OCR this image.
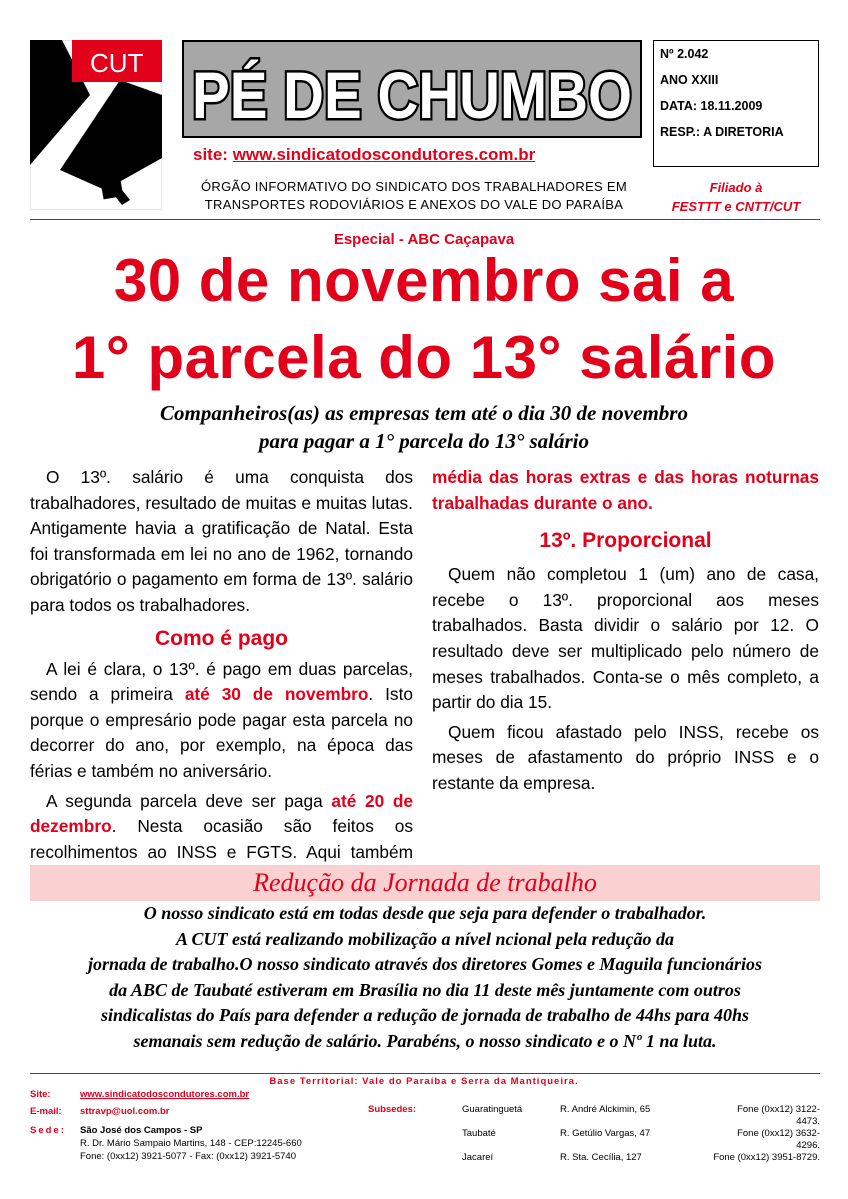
CUT PÉ DE CHUMBO
site: www.sindicatodoscondutores.com.br
ÓRGÃO INFORMATIVO DO SINDICATO DOS TRABALHADORES EM
TRANSPORTES RODOVIÁRIOS E ANEXOS DO VALE DO PARAÍBA
Nº 2.042
ANO XXIII
DATA: 18.11.2009
RESP.: A DIRETORIA
Filiado à
FESTTT e CNTT/CUT
Especial - ABC Caçapava
30 de novembro sai a
1° parcela do 13° salário
Companheiros(as) as empresas tem até o dia 30 de novembro
para pagar a 1° parcela do 13° salário

O 13º. salário é uma conquista dos trabalhadores, resultado de muitas e muitas lutas. Antigamente havia a gratificação de Natal. Esta foi transformada em lei no ano de 1962, tornando obrigatório o pagamento em forma de 13º. salário para todos os trabalhadores.

Como é pago

A lei é clara, o 13º. é pago em duas parcelas, sendo a primeira até 30 de novembro. Isto porque o empresário pode pagar esta parcela no decorrer do ano, por exemplo, na época das férias e também no aniversário.

A segunda parcela deve ser paga até 20 de dezembro. Nesta ocasião são feitos os recolhimentos ao INSS e FGTS. Aqui também

média das horas extras e das horas noturnas trabalhadas durante o ano.

13º. Proporcional

Quem não completou 1 (um) ano de casa, recebe o 13º. proporcional aos meses trabalhados. Basta dividir o salário por 12. O resultado deve ser multiplicado pelo número de meses trabalhados. Conta-se o mês completo, a partir do dia 15.

Quem ficou afastado pelo INSS, recebe os meses de afastamento do próprio INSS e o restante da empresa.

Redução da Jornada de trabalho
O nosso sindicato está em todas desde que seja para defender o trabalhador.
A CUT está realizando mobilização a nível ncional pela redução da
jornada de trabalho.O nosso sindicato através dos diretores Gomes e Maguila funcionários
da ABC de Taubaté estiveram em Brasília no dia 11 deste mês juntamente com outros
sindicalistas do País para defender a redução de jornada de trabalho de 44hs para 40hs
semanais sem redução de salário. Parabéns, o nosso sindicato e o Nº 1 na luta.
Base Territorial: Vale do Paraíba e Serra da Mantiqueira.
Site:	www.sindicatodoscondutores.com.br
E-mail: sttravp@uol.com.br
Sede: São José dos Campos - SP
R. Dr. Mário Sampaio Martins, 148 - CEP:12245-660
Fone: (0xx12) 3921-5077 - Fax: (0xx12) 3921-5740
Subsedes:	Guaratinguetá	R. André Alckimin, 65	Fone (0xx12) 3122-
4473.
Taubaté	R. Getúlio Vargas, 47	Fone (0xx12) 3632-
4296.
Jacareí	R. Sta. Cecília, 127	Fone (0xx12) 3951-8729.
